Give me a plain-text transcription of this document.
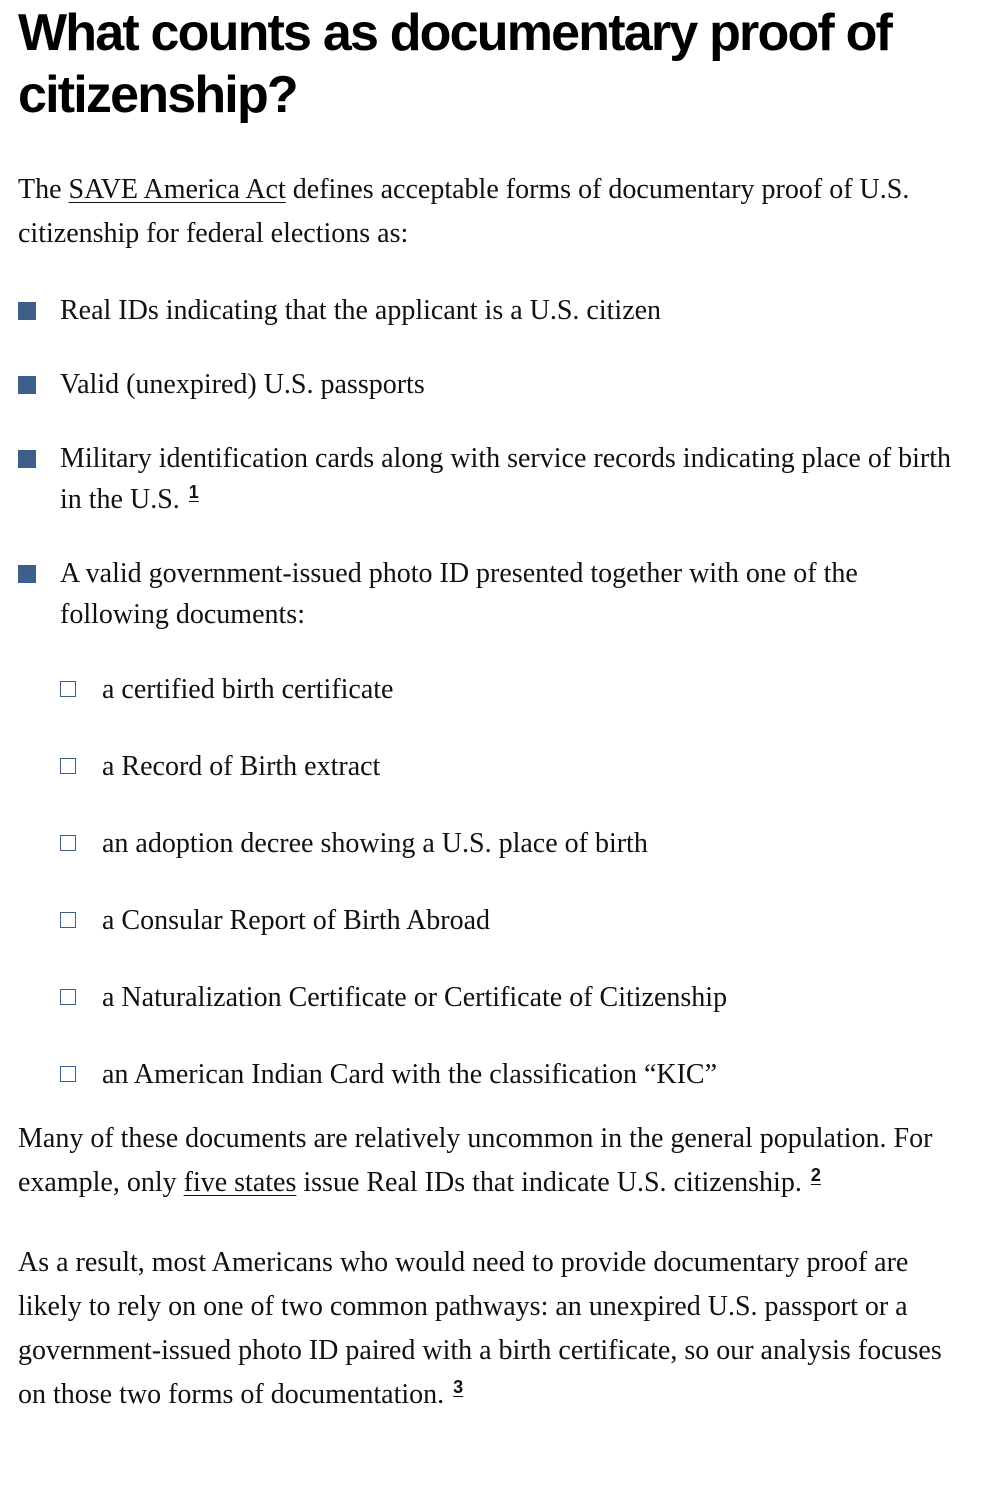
What counts as documentary proof of citizenship?

The SAVE America Act defines acceptable forms of documentary proof of U.S. citizenship for federal elections as:

Real IDs indicating that the applicant is a U.S. citizen
Valid (unexpired) U.S. passports
Military identification cards along with service records indicating place of birth in the U.S. $^1$
A valid government-issued photo ID presented together with one of the following documents:
a certified birth certificate
a Record of Birth extract
an adoption decree showing a U.S. place of birth
a Consular Report of Birth Abroad
a Naturalization Certificate or Certificate of Citizenship
an American Indian Card with the classification “KIC”

Many of these documents are relatively uncommon in the general population. For example, only five states issue Real IDs that indicate U.S. citizenship. $^2$

As a result, most Americans who would need to provide documentary proof are likely to rely on one of two common pathways: an unexpired U.S. passport or a government-issued photo ID paired with a birth certificate, so our analysis focuses on those two forms of documentation. $^3$
